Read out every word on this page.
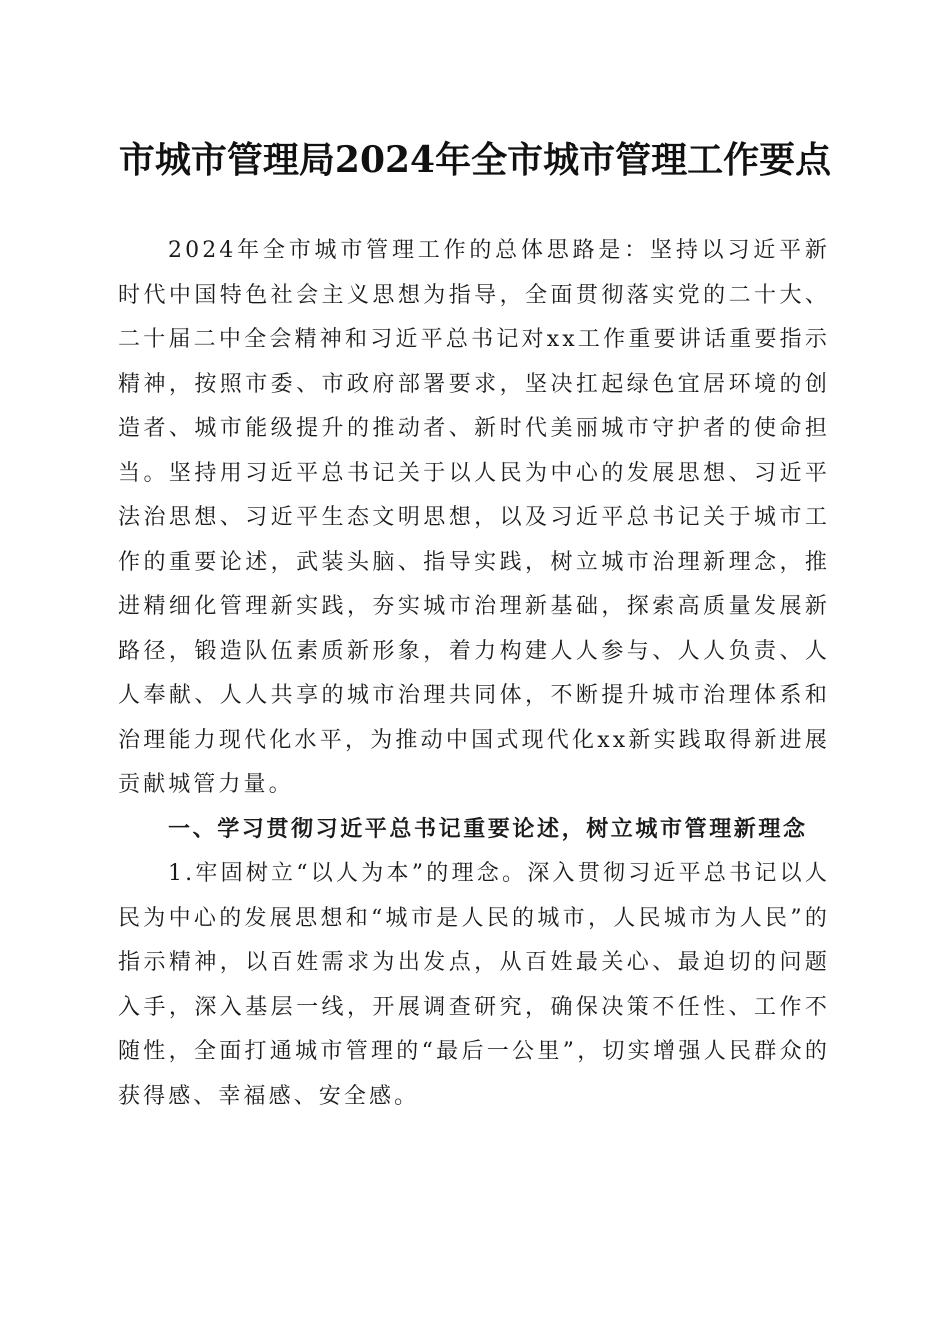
市城市管理局2024年全市城市管理工作要点

2024年全市城市管理工作的总体思路是：坚持以习近平新时代中国特色社会主义思想为指导，全面贯彻落实党的二十大、二十届二中全会精神和习近平总书记对xx工作重要讲话重要指示精神，按照市委、市政府部署要求，坚决扛起绿色宜居环境的创造者、城市能级提升的推动者、新时代美丽城市守护者的使命担当。坚持用习近平总书记关于以人民为中心的发展思想、习近平法治思想、习近平生态文明思想，以及习近平总书记关于城市工作的重要论述，武装头脑、指导实践，树立城市治理新理念，推进精细化管理新实践，夯实城市治理新基础，探索高质量发展新路径，锻造队伍素质新形象，着力构建人人参与、人人负责、人人奉献、人人共享的城市治理共同体，不断提升城市治理体系和治理能力现代化水平，为推动中国式现代化xx新实践取得新进展贡献城管力量。

一、学习贯彻习近平总书记重要论述，树立城市管理新理念

1.牢固树立“以人为本”的理念。深入贯彻习近平总书记以人民为中心的发展思想和“城市是人民的城市，人民城市为人民”的指示精神，以百姓需求为出发点，从百姓最关心、最迫切的问题入手，深入基层一线，开展调查研究，确保决策不任性、工作不随性，全面打通城市管理的“最后一公里”，切实增强人民群众的获得感、幸福感、安全感。
